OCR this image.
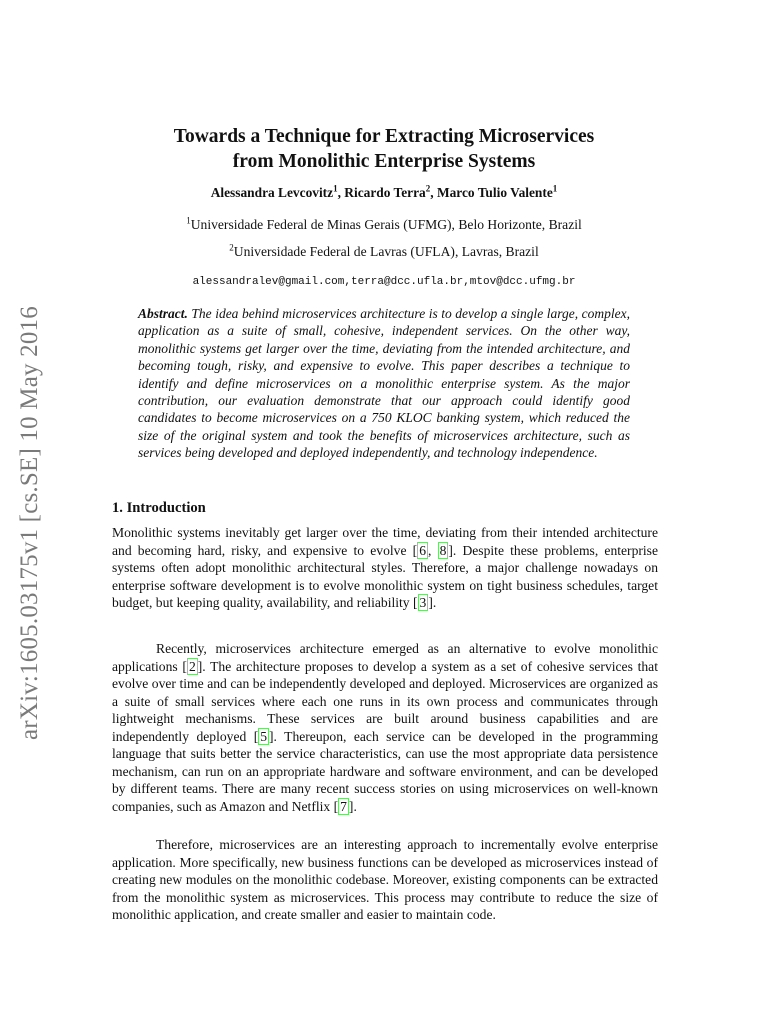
arXiv:1605.03175v1 [cs.SE] 10 May 2016
Towards a Technique for Extracting Microservices
from Monolithic Enterprise Systems
Alessandra Levcovitz$^1$, Ricardo Terra$^2$, Marco Tulio Valente$^1$
$^1$Universidade Federal de Minas Gerais (UFMG), Belo Horizonte, Brazil
$^2$Universidade Federal de Lavras (UFLA), Lavras, Brazil
alessandralev@gmail.com,terra@dcc.ufla.br,mtov@dcc.ufmg.br
Abstract. The idea behind microservices architecture is to develop a single large, complex, application as a suite of small, cohesive, independent services. On the other way, monolithic systems get larger over the time, deviating from the intended architecture, and becoming tough, risky, and expensive to evolve. This paper describes a technique to identify and define microservices on a monolithic enterprise system. As the major contribution, our evaluation demonstrate that our approach could identify good candidates to become microservices on a 750 KLOC banking system, which reduced the size of the original system and took the benefits of microservices architecture, such as services being developed and deployed independently, and technology independence.
1. Introduction
Monolithic systems inevitably get larger over the time, deviating from their intended architecture and becoming hard, risky, and expensive to evolve [ 6 , 8 ]. Despite these problems, enterprise systems often adopt monolithic architectural styles. Therefore, a major challenge nowadays on enterprise software development is to evolve monolithic system on tight business schedules, target budget, but keeping quality, availability, and reliability [ 3 ].
Recently, microservices architecture emerged as an alternative to evolve monolithic applications [ 2 ]. The architecture proposes to develop a system as a set of cohesive services that evolve over time and can be independently developed and deployed. Microservices are organized as a suite of small services where each one runs in its own process and communicates through lightweight mechanisms. These services are built around business capabilities and are independently deployed [ 5 ]. Thereupon, each service can be developed in the programming language that suits better the service characteristics, can use the most appropriate data persistence mechanism, can run on an appropriate hardware and software environment, and can be developed by different teams. There are many recent success stories on using microservices on well-known companies, such as Amazon and Netflix [ 7 ].
Therefore, microservices are an interesting approach to incrementally evolve enterprise application. More specifically, new business functions can be developed as microservices instead of creating new modules on the monolithic codebase. Moreover, existing components can be extracted from the monolithic system as microservices. This process may contribute to reduce the size of monolithic application, and create smaller and easier to maintain code.
